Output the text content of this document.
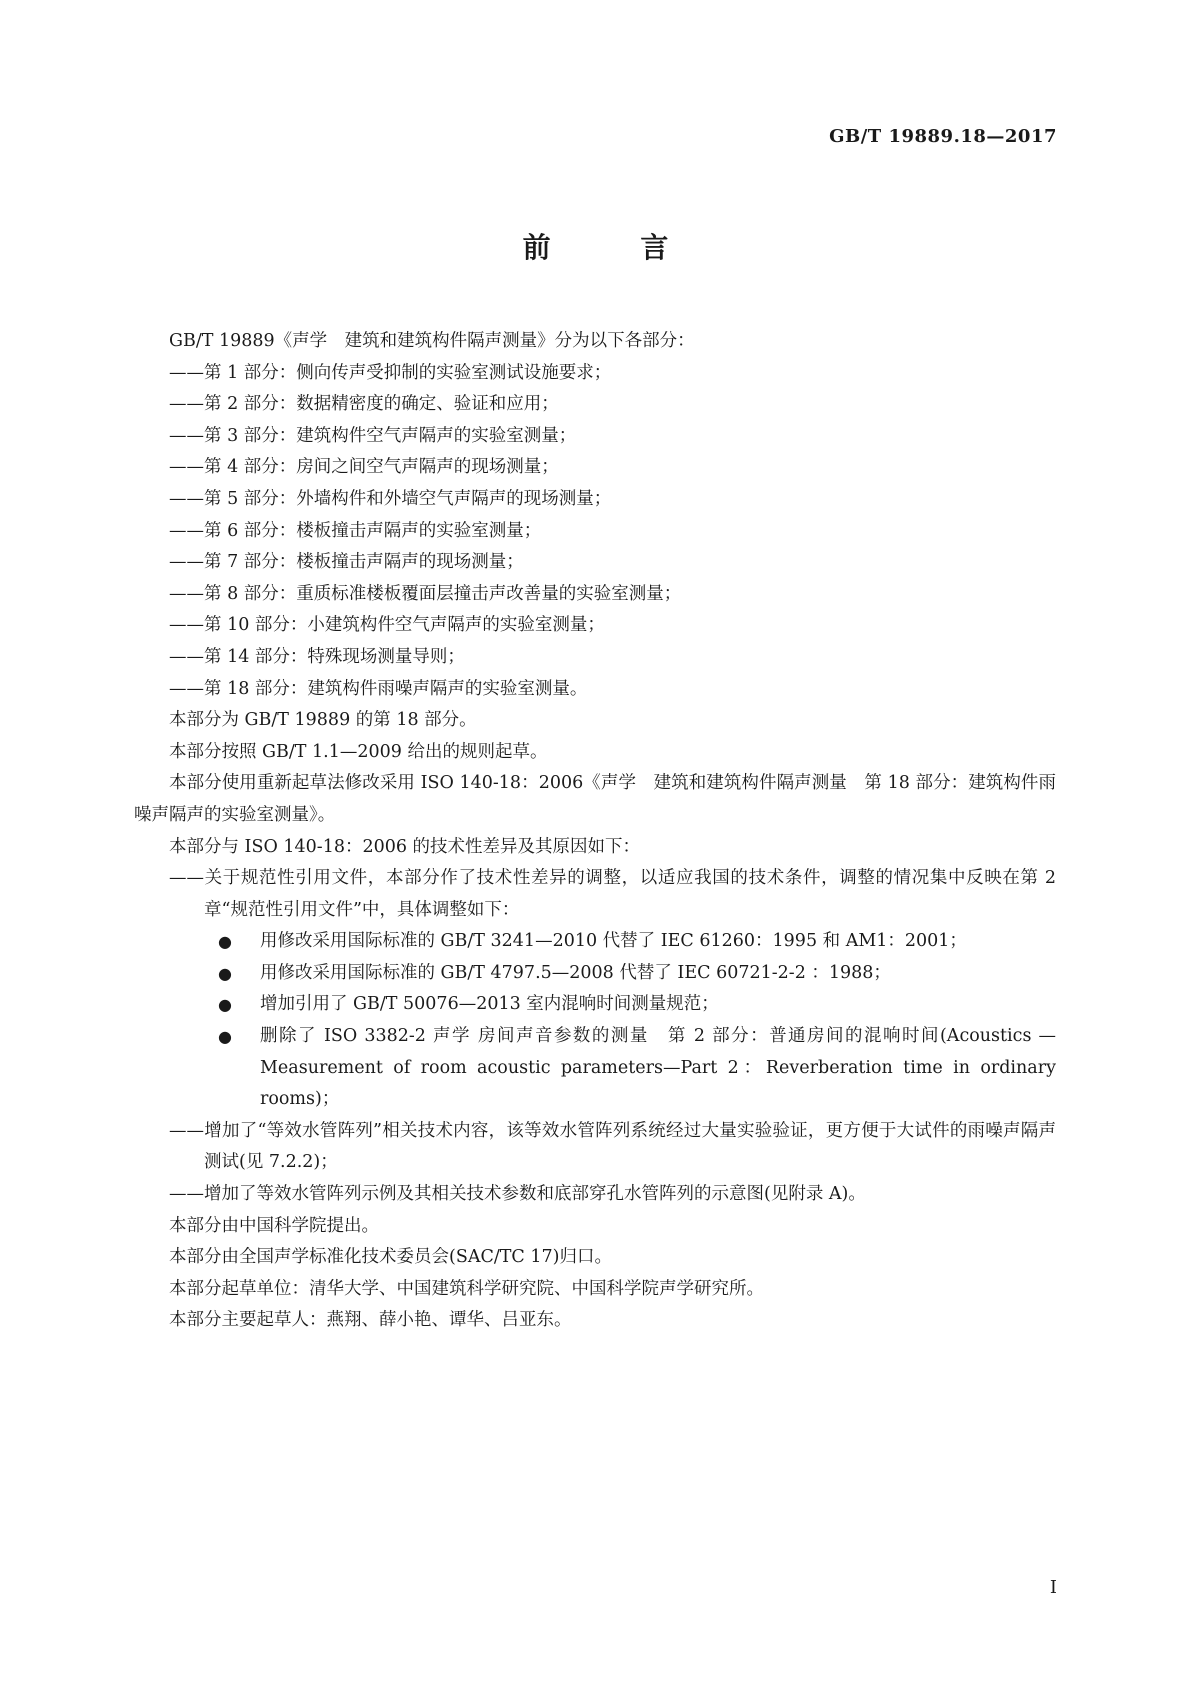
GB/T 19889.18—2017
前 言

GB/T 19889《声学　建筑和建筑构件隔声测量》分为以下各部分：

——第 1 部分：侧向传声受抑制的实验室测试设施要求；

——第 2 部分：数据精密度的确定、验证和应用；

——第 3 部分：建筑构件空气声隔声的实验室测量；

——第 4 部分：房间之间空气声隔声的现场测量；

——第 5 部分：外墙构件和外墙空气声隔声的现场测量；

——第 6 部分：楼板撞击声隔声的实验室测量；

——第 7 部分：楼板撞击声隔声的现场测量；

——第 8 部分：重质标准楼板覆面层撞击声改善量的实验室测量；

——第 10 部分：小建筑构件空气声隔声的实验室测量；

——第 14 部分：特殊现场测量导则；

——第 18 部分：建筑构件雨噪声隔声的实验室测量。

本部分为 GB/T 19889 的第 18 部分。

本部分按照 GB/T 1.1—2009 给出的规则起草。

本部分使用重新起草法修改采用 ISO 140-18：2006《声学　建筑和建筑构件隔声测量　第 18 部分：建筑构件雨噪声隔声的实验室测量》。

本部分与 ISO 140-18：2006 的技术性差异及其原因如下：

——关于规范性引用文件，本部分作了技术性差异的调整，以适应我国的技术条件，调整的情况集中反映在第 2 章“规范性引用文件”中，具体调整如下：

● 用修改采用国际标准的 GB/T 3241—2010 代替了 IEC 61260：1995 和 AM1：2001；

● 用修改采用国际标准的 GB/T 4797.5—2008 代替了 IEC 60721-2-2 ：1988；

● 增加引用了 GB/T 50076—2013 室内混响时间测量规范；

● 删除了 ISO 3382-2 声学 房间声音参数的测量　第 2 部分：普通房间的混响时间(Acoustics —Measurement of room acoustic parameters—Part 2：Reverberation time in ordinary rooms)；

——增加了“等效水管阵列”相关技术内容，该等效水管阵列系统经过大量实验验证，更方便于大试件的雨噪声隔声测试(见 7.2.2)；

——增加了等效水管阵列示例及其相关技术参数和底部穿孔水管阵列的示意图(见附录 A)。

本部分由中国科学院提出。

本部分由全国声学标准化技术委员会(SAC/TC 17)归口。

本部分起草单位：清华大学、中国建筑科学研究院、中国科学院声学研究所。

本部分主要起草人：燕翔、薛小艳、谭华、吕亚东。

I
